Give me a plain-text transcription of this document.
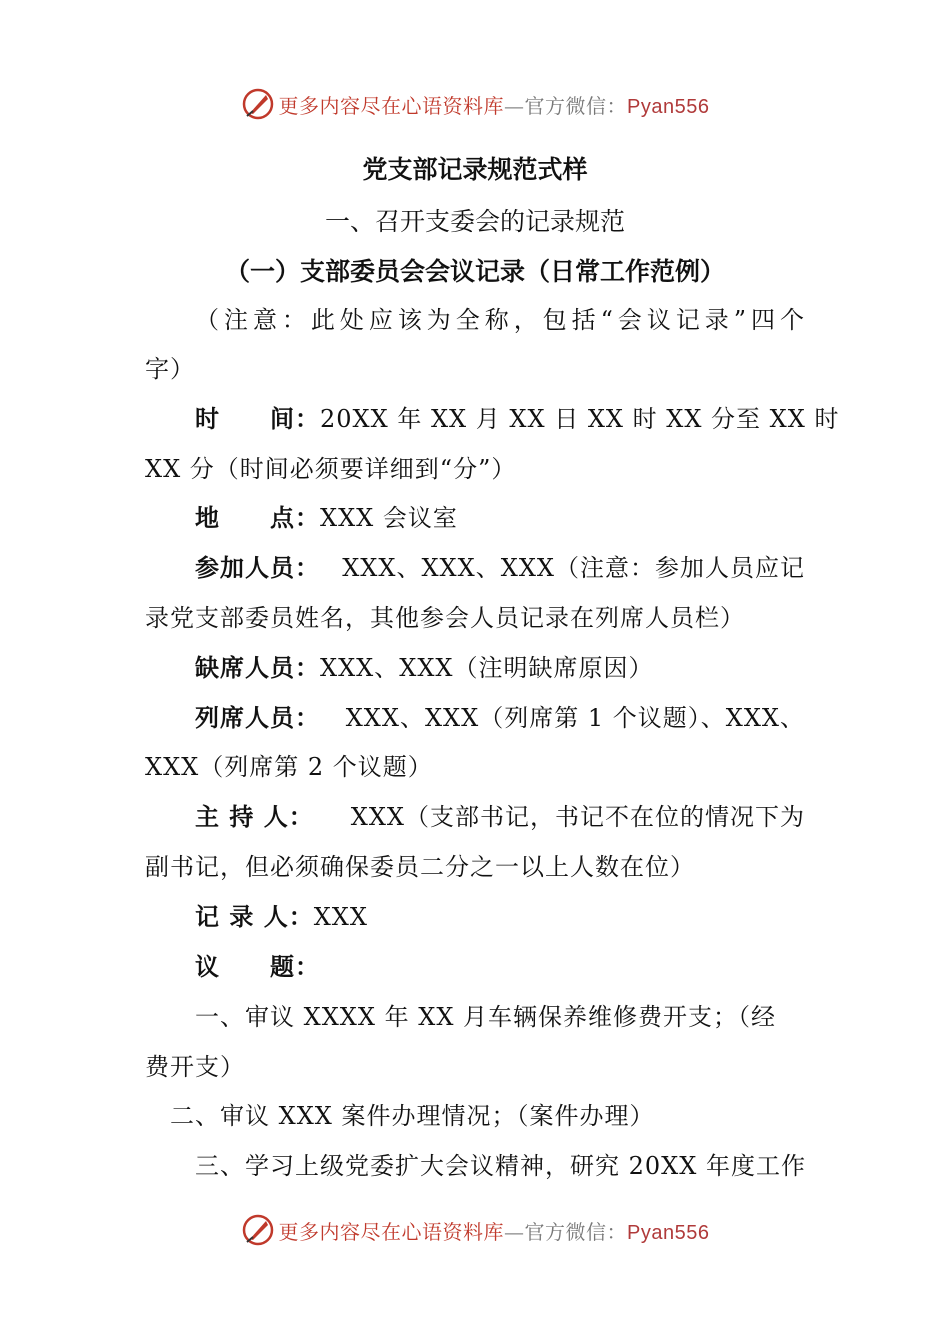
更多内容尽在心语资料库—官方微信：Pyan556
党支部记录规范式样
一、召开支委会的记录规范
（一）支部委员会会议记录（日常工作范例）
（注意：此处应该为全称，包括“会议记录”四个
字）
时　　间： 20XX 年 XX 月 XX 日 XX 时 XX 分至 XX 时
XX 分（时间必须要详细到“分”）
地　　点：XXX 会议室
参加人员： XXX、XXX、XXX（注意：参加人员应记
录党支部委员姓名，其他参会人员记录在列席人员栏）
缺席人员：XXX、XXX（注明缺席原因）
列席人员： XXX、XXX（列席第 1 个议题）、XXX、
XXX（列席第 2 个议题）
主 持 人： XXX（支部书记，书记不在位的情况下为
副书记，但必须确保委员二分之一以上人数在位）
记 录 人：XXX
议　　题：
一、审议 XXXX 年 XX 月车辆保养维修费开支；（经
费开支）
二、审议 XXX 案件办理情况；（案件办理）
三、学习上级党委扩大会议精神，研究 20XX 年度工作
更多内容尽在心语资料库—官方微信：Pyan556
